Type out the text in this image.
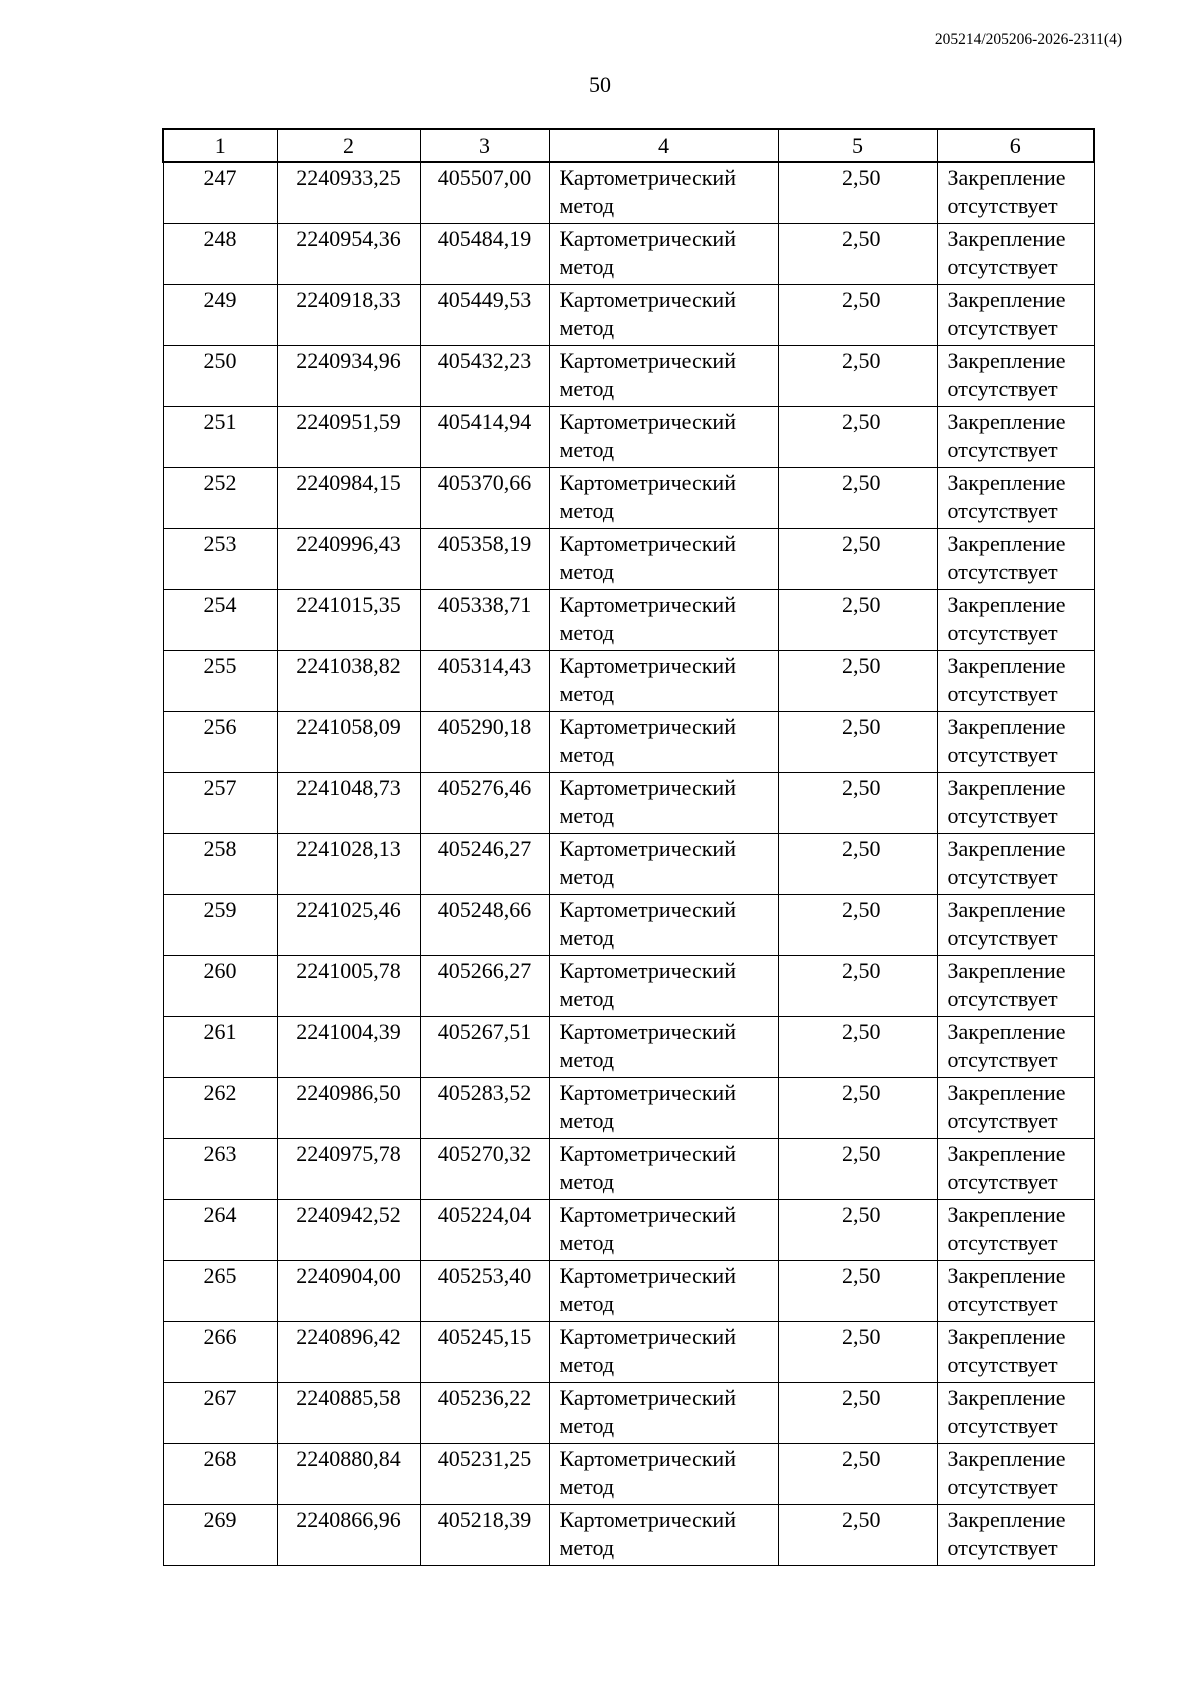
205214/205206-2026-2311(4)
50
1	2	3	4	5	6

247	2240933,25	405507,00	Картометрический метод	2,50	Закрепление отсутствует

248	2240954,36	405484,19	Картометрический метод	2,50	Закрепление отсутствует

249	2240918,33	405449,53	Картометрический метод	2,50	Закрепление отсутствует

250	2240934,96	405432,23	Картометрический метод	2,50	Закрепление отсутствует

251	2240951,59	405414,94	Картометрический метод	2,50	Закрепление отсутствует

252	2240984,15	405370,66	Картометрический метод	2,50	Закрепление отсутствует

253	2240996,43	405358,19	Картометрический метод	2,50	Закрепление отсутствует

254	2241015,35	405338,71	Картометрический метод	2,50	Закрепление отсутствует

255	2241038,82	405314,43	Картометрический метод	2,50	Закрепление отсутствует

256	2241058,09	405290,18	Картометрический метод	2,50	Закрепление отсутствует

257	2241048,73	405276,46	Картометрический метод	2,50	Закрепление отсутствует

258	2241028,13	405246,27	Картометрический метод	2,50	Закрепление отсутствует

259	2241025,46	405248,66	Картометрический метод	2,50	Закрепление отсутствует

260	2241005,78	405266,27	Картометрический метод	2,50	Закрепление отсутствует

261	2241004,39	405267,51	Картометрический метод	2,50	Закрепление отсутствует

262	2240986,50	405283,52	Картометрический метод	2,50	Закрепление отсутствует

263	2240975,78	405270,32	Картометрический метод	2,50	Закрепление отсутствует

264	2240942,52	405224,04	Картометрический метод	2,50	Закрепление отсутствует

265	2240904,00	405253,40	Картометрический метод	2,50	Закрепление отсутствует

266	2240896,42	405245,15	Картометрический метод	2,50	Закрепление отсутствует

267	2240885,58	405236,22	Картометрический метод	2,50	Закрепление отсутствует

268	2240880,84	405231,25	Картометрический метод	2,50	Закрепление отсутствует

269	2240866,96	405218,39	Картометрический метод	2,50	Закрепление отсутствует
